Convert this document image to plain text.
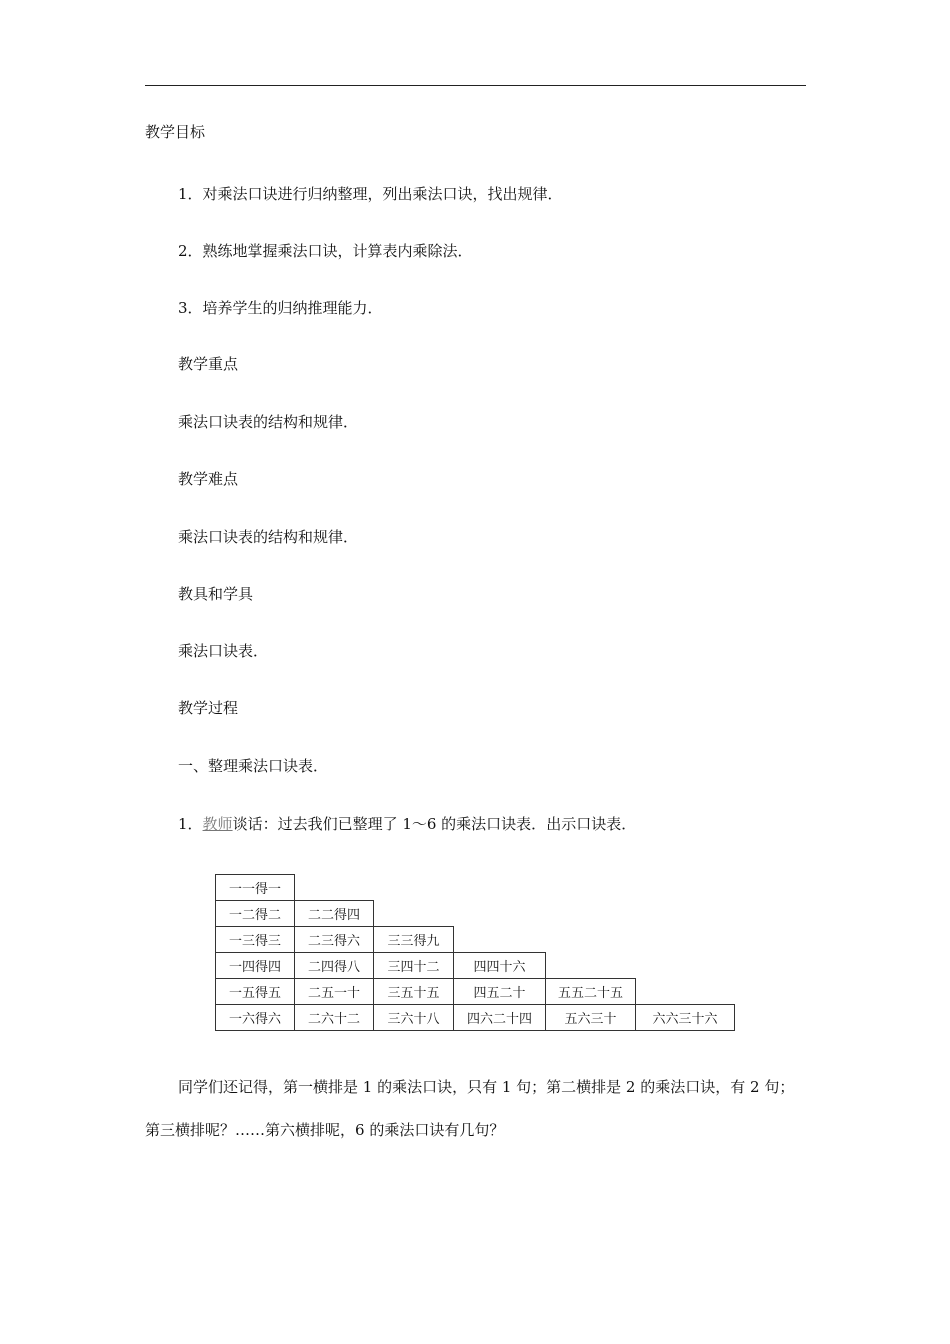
教学目标
1．对乘法口诀进行归纳整理，列出乘法口诀，找出规律．
2．熟练地掌握乘法口诀，计算表内乘除法．
3．培养学生的归纳推理能力．
教学重点
乘法口诀表的结构和规律．
教学难点
乘法口诀表的结构和规律．
教具和学具
乘法口诀表．
教学过程
一、整理乘法口诀表．
1．教师谈话：过去我们已整理了 1～6 的乘法口诀表．出示口诀表．
一一得一					
一二得二	二二得四				
一三得三	二三得六	三三得九			
一四得四	二四得八	三四十二	四四十六		
一五得五	二五一十	三五十五	四五二十	五五二十五	
一六得六	二六十二	三六十八	四六二十四	五六三十	六六三十六
同学们还记得，第一横排是 1 的乘法口诀，只有 1 句；第二横排是 2 的乘法口诀，有 2 句；
第三横排呢？……第六横排呢，6 的乘法口诀有几句？
